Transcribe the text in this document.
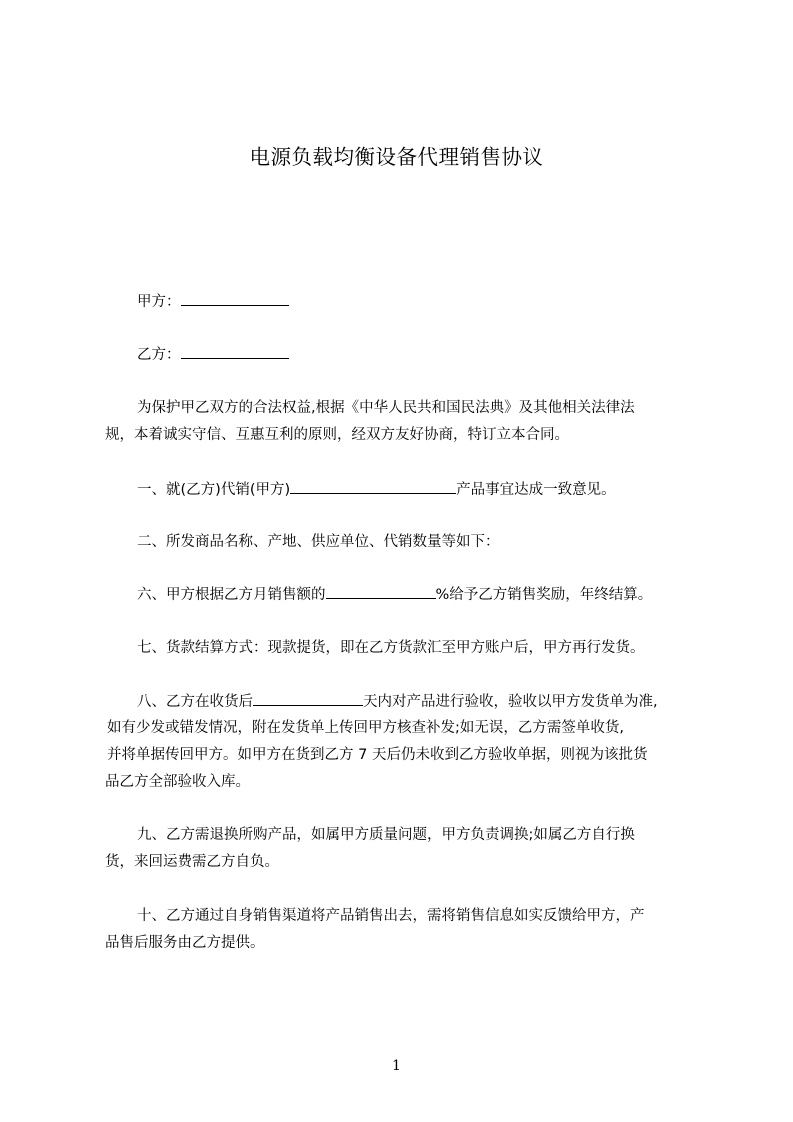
电源负载均衡设备代理销售协议
甲方：
乙方：
为保护甲乙双方的合法权益,根据《中华人民共和国民法典》及其他相关法律法
规，本着诚实守信、互惠互利的原则，经双方友好协商，特订立本合同。
一、就(乙方)代销(甲方)	产品事宜达成一致意见。
二、所发商品名称、产地、供应单位、代销数量等如下：
六、甲方根据乙方月销售额的	%给予乙方销售奖励，年终结算。
七、货款结算方式：现款提货，即在乙方货款汇至甲方账户后，甲方再行发货。
八、乙方在收货后	天内对产品进行验收，验收以甲方发货单为准,
如有少发或错发情况，附在发货单上传回甲方核查补发;如无误，乙方需签单收货,
并将单据传回甲方。如甲方在货到乙方 7 天后仍未收到乙方验收单据，则视为该批货
品乙方全部验收入库。
九、乙方需退换所购产品，如属甲方质量问题，甲方负责调换;如属乙方自行换
货，来回运费需乙方自负。
十、乙方通过自身销售渠道将产品销售出去，需将销售信息如实反馈给甲方，产
品售后服务由乙方提供。
1
